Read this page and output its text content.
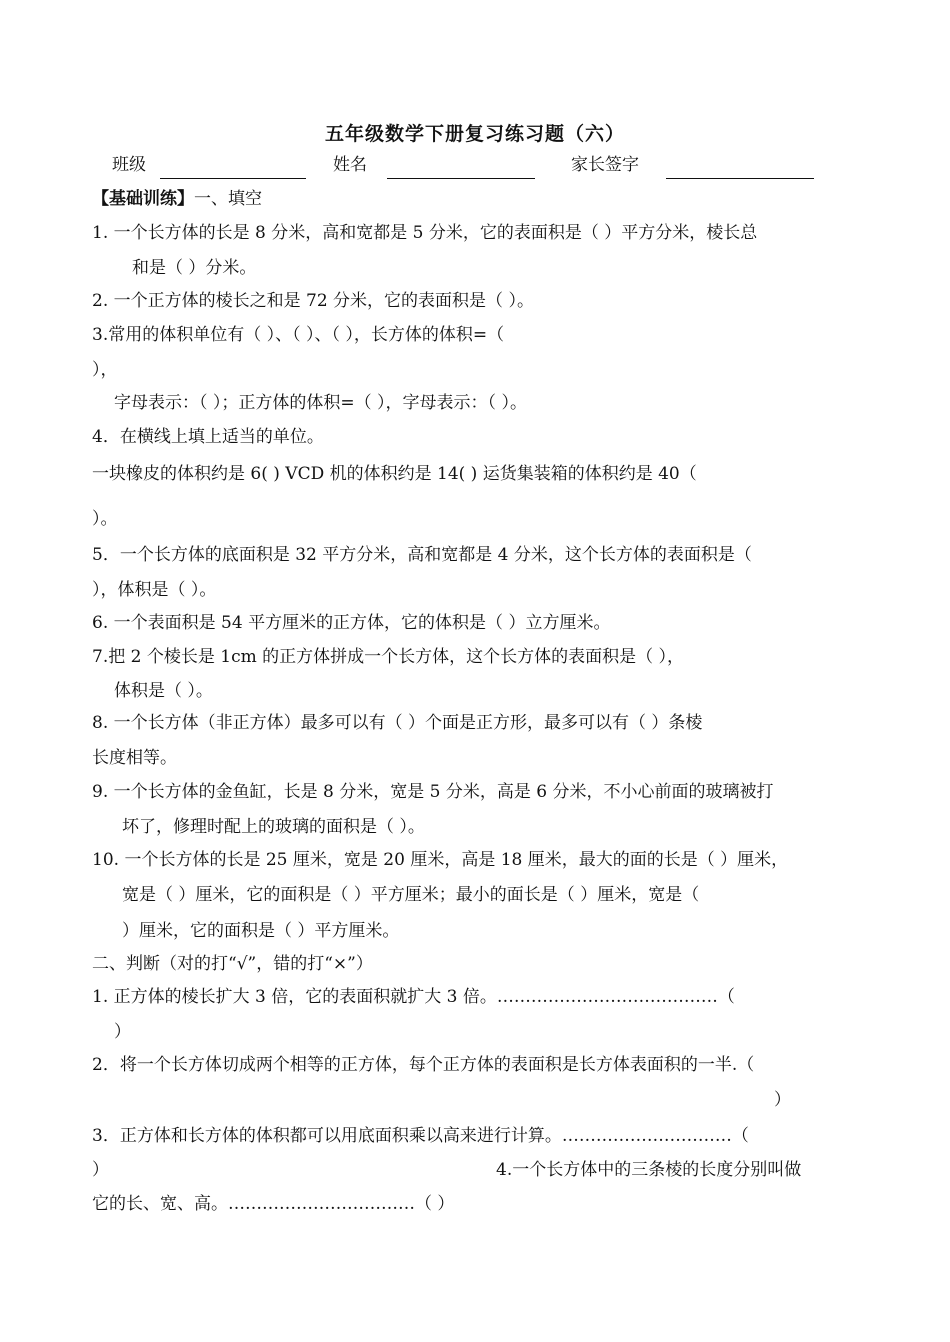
五年级数学下册复习练习题（六）
班级	姓名	家长签字
【基础训练】一、填空
1. 一个长方体的长是 8 分米，高和宽都是 5 分米，它的表面积是（ ）平方分米，棱长总
和是（ ）分米。
2. 一个正方体的棱长之和是 72 分米，它的表面积是（ ）。
3.常用的体积单位有（ ）、（ ）、（ ），长方体的体积=（
），
字母表示：（ ）；正方体的体积=（ ），字母表示：（ ）。
4．在横线上填上适当的单位。
一块橡皮的体积约是 6( ) VCD 机的体积约是 14( ) 运货集装箱的体积约是 40（
）。
5．一个长方体的底面积是 32 平方分米，高和宽都是 4 分米，这个长方体的表面积是（
），体积是（ ）。
6. 一个表面积是 54 平方厘米的正方体，它的体积是（ ）立方厘米。
7.把 2 个棱长是 1cm 的正方体拼成一个长方体，这个长方体的表面积是（ ），
体积是（ ）。
8. 一个长方体（非正方体）最多可以有（ ）个面是正方形，最多可以有（ ）条棱
长度相等。
9. 一个长方体的金鱼缸，长是 8 分米，宽是 5 分米，高是 6 分米，不小心前面的玻璃被打
坏了，修理时配上的玻璃的面积是（ ）。
10. 一个长方体的长是 25 厘米，宽是 20 厘米，高是 18 厘米，最大的面的长是（ ）厘米，
宽是（ ）厘米，它的面积是（ ）平方厘米；最小的面长是（ ）厘米，宽是（
）厘米，它的面积是（ ）平方厘米。
二、判断（对的打“√”，错的打“×”）
1. 正方体的棱长扩大 3 倍，它的表面积就扩大 3 倍。…………………………………（
）
2．将一个长方体切成两个相等的正方体，每个正方体的表面积是长方体表面积的一半.（
）
3．正方体和长方体的体积都可以用底面积乘以高来进行计算。…………………………（
）	4.一个长方体中的三条棱的长度分别叫做
它的长、宽、高。……………………………（ ）
